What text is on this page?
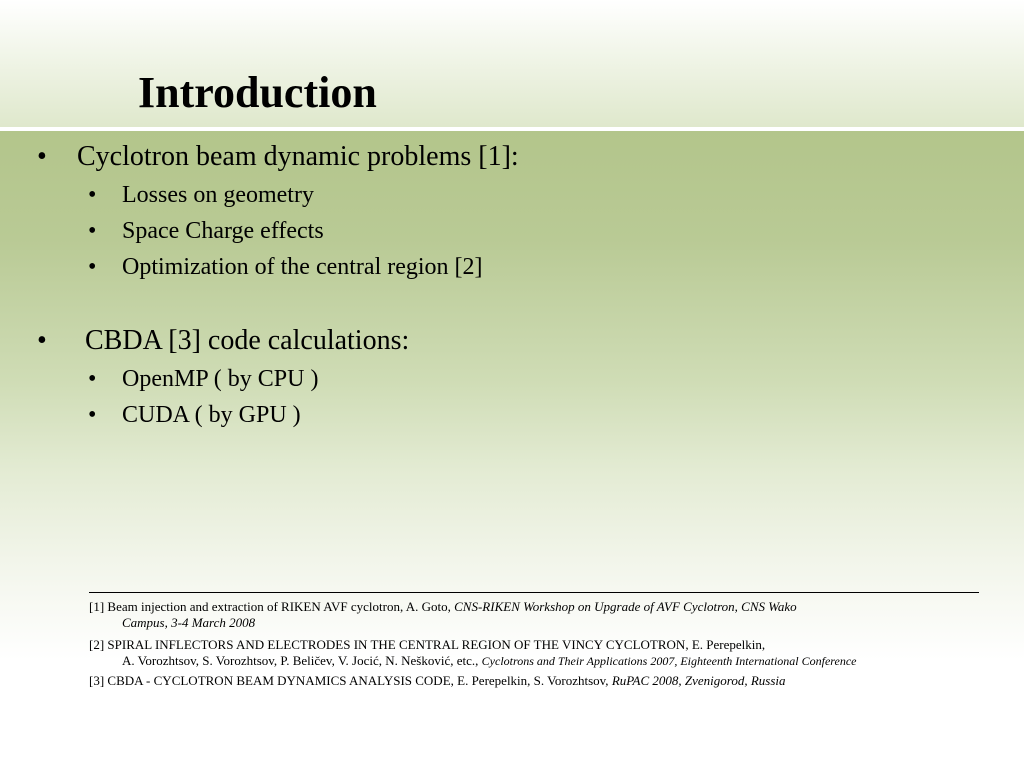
Introduction
• Cyclotron beam dynamic problems [1]:
• Losses on geometry
• Space Charge effects
• Optimization of the central region [2]
• CBDA [3] code calculations:
• OpenMP ( by CPU )
• CUDA ( by GPU )
[1] Beam injection and extraction of RIKEN AVF cyclotron, A. Goto, CNS-RIKEN Workshop on Upgrade of AVF Cyclotron, CNS Wako
Campus, 3-4 March 2008
[2] SPIRAL INFLECTORS AND ELECTRODES IN THE CENTRAL REGION OF THE VINCY CYCLOTRON, E. Perepelkin,
A. Vorozhtsov, S. Vorozhtsov, P. Beličev, V. Jocić, N. Nešković, etc., Cyclotrons and Their Applications 2007, Eighteenth International Conference
[3] CBDA - CYCLOTRON BEAM DYNAMICS ANALYSIS CODE, E. Perepelkin, S. Vorozhtsov, RuPAC 2008, Zvenigorod, Russia
